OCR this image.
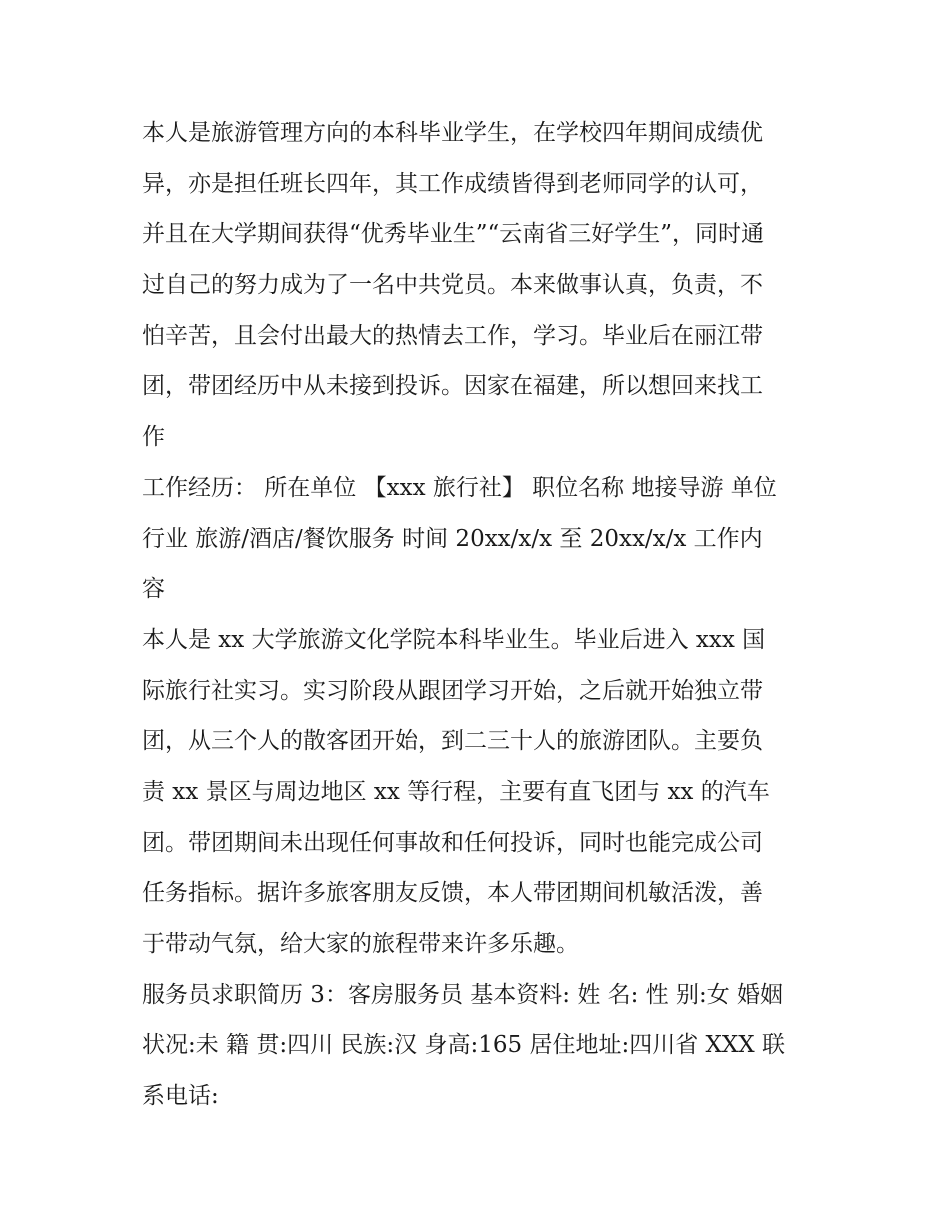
本人是旅游管理方向的本科毕业学生，在学校四年期间成绩优
异，亦是担任班长四年，其工作成绩皆得到老师同学的认可，
并且在大学期间获得“优秀毕业生”“云南省三好学生”，同时通
过自己的努力成为了一名中共党员。本来做事认真，负责，不
怕辛苦，且会付出最大的热情去工作，学习。毕业后在丽江带
团，带团经历中从未接到投诉。因家在福建，所以想回来找工
作
工作经历： 所在单位 【xxx 旅行社】 职位名称 地接导游 单位
行业 旅游/酒店/餐饮服务 时间 20xx/x/x 至 20xx/x/x 工作内
容
本人是 xx 大学旅游文化学院本科毕业生。毕业后进入 xxx 国
际旅行社实习。实习阶段从跟团学习开始，之后就开始独立带
团，从三个人的散客团开始，到二三十人的旅游团队。主要负
责 xx 景区与周边地区 xx 等行程，主要有直飞团与 xx 的汽车
团。带团期间未出现任何事故和任何投诉，同时也能完成公司
任务指标。据许多旅客朋友反馈，本人带团期间机敏活泼，善
于带动气氛，给大家的旅程带来许多乐趣。
服务员求职简历 3：客房服务员 基本资料: 姓 名: 性 别:女 婚姻
状况:未 籍 贯:四川 民族:汉 身高:165 居住地址:四川省 XXX 联
系电话:
